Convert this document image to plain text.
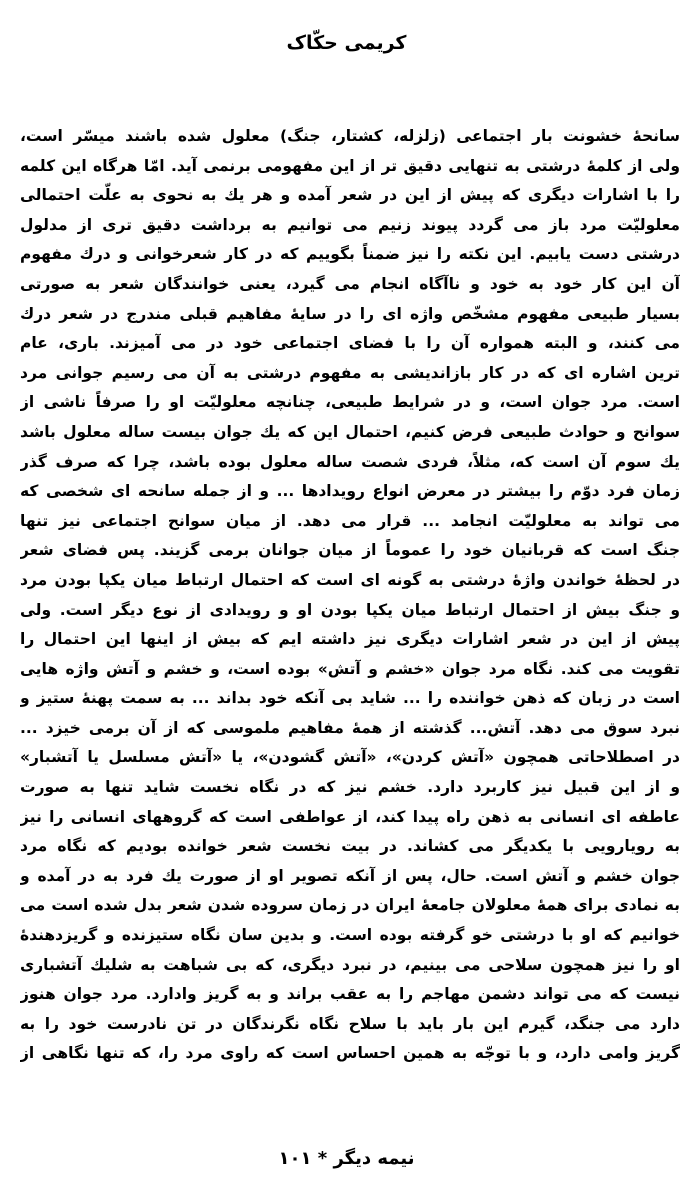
کریمی حکّاک
سانحهٔ خشونت بار اجتماعی (زلزله، کشتار، جنگ) معلول شده باشند میسّر است،
ولی از کلمهٔ درشتی به تنهایی دقیق تر از این مفهومی برنمی آید. امّا هرگاه این کلمه
را با اشارات دیگری که پیش از این در شعر آمده و هر یك به نحوی به علّت احتمالی
معلولیّت مرد باز می گردد پیوند زنیم می توانیم به برداشت دقیق تری از مدلول
درشتی دست یابیم. این نکته را نیز ضمناً بگوییم که در کار شعرخوانی و درك مفهوم
آن این کار خود به خود و ناآگاه انجام می گیرد، یعنی خوانندگان شعر به صورتی
بسیار طبیعی مفهوم مشخّص واژه ای را در سایهٔ مفاهیم قبلی مندرج در شعر درك
می کنند، و البته همواره آن را با فضای اجتماعی خود در می آمیزند. باری، عام
ترین اشاره ای که در کار بازاندیشی به مفهوم درشتی به آن می رسیم جوانی مرد
است. مرد جوان است، و در شرایط طبیعی، چنانچه معلولیّت او را صرفاً ناشی از
سوانح و حوادث طبیعی فرض کنیم، احتمال این که یك جوان بیست ساله معلول باشد
یك سوم آن است که، مثلاً، فردی شصت ساله معلول بوده باشد، چرا که صرف گذر
زمان فرد دوّم را بیشتر در معرض انواع رویدادها ... و از جمله سانحه ای شخصی که
می تواند به معلولیّت انجامد ... قرار می دهد. از میان سوانح اجتماعی نیز تنها
جنگ است که قربانیان خود را عموماً از میان جوانان برمی گزیند. پس فضای شعر
در لحظهٔ خواندن واژهٔ درشتی به گونه ای است که احتمال ارتباط میان یکپا بودن مرد
و جنگ بیش از احتمال ارتباط میان یکپا بودن او و رویدادی از نوع دیگر است. ولی
پیش از این در شعر اشارات دیگری نیز داشته ایم که بیش از اینها این احتمال را
تقویت می کند. نگاه مرد جوان «خشم و آتش» بوده است، و خشم و آتش واژه هایی
است در زبان که ذهن خواننده را ... شاید بی آنکه خود بداند ... به سمت پهنهٔ ستیز و
نبرد سوق می دهد. آتش... گذشته از همهٔ مفاهیم ملموسی که از آن برمی خیزد ...
در اصطلاحاتی همچون «آتش کردن»، «آتش گشودن»، یا «آتش مسلسل یا آتشبار»
و از این قبیل نیز کاربرد دارد. خشم نیز که در نگاه نخست شاید تنها به صورت
عاطفه ای انسانی به ذهن راه پیدا کند، از عواطفی است که گروههای انسانی را نیز
به رویارویی با یکدیگر می کشاند. در بیت نخست شعر خوانده بودیم که نگاه مرد
جوان خشم و آتش است. حال، پس از آنکه تصویر او از صورت یك فرد به در آمده و
به نمادی برای همهٔ معلولان جامعهٔ ایران در زمان سروده شدن شعر بدل شده است می
خوانیم که او با درشتی خو گرفته بوده است. و بدین سان نگاه ستیزنده و گریزدهندهٔ
او را نیز همچون سلاحی می بینیم، در نبرد دیگری، که بی شباهت به شلیك آتشباری
نیست که می تواند دشمن مهاجم را به عقب براند و به گریز وادارد. مرد جوان هنوز
دارد می جنگد، گیرم این بار باید با سلاح نگاه نگرندگان در تن نادرست خود را به
گریز وامی دارد، و با توجّه به همین احساس است که راوی مرد را، که تنها نگاهی از
نیمه دیگر * ۱۰۱
